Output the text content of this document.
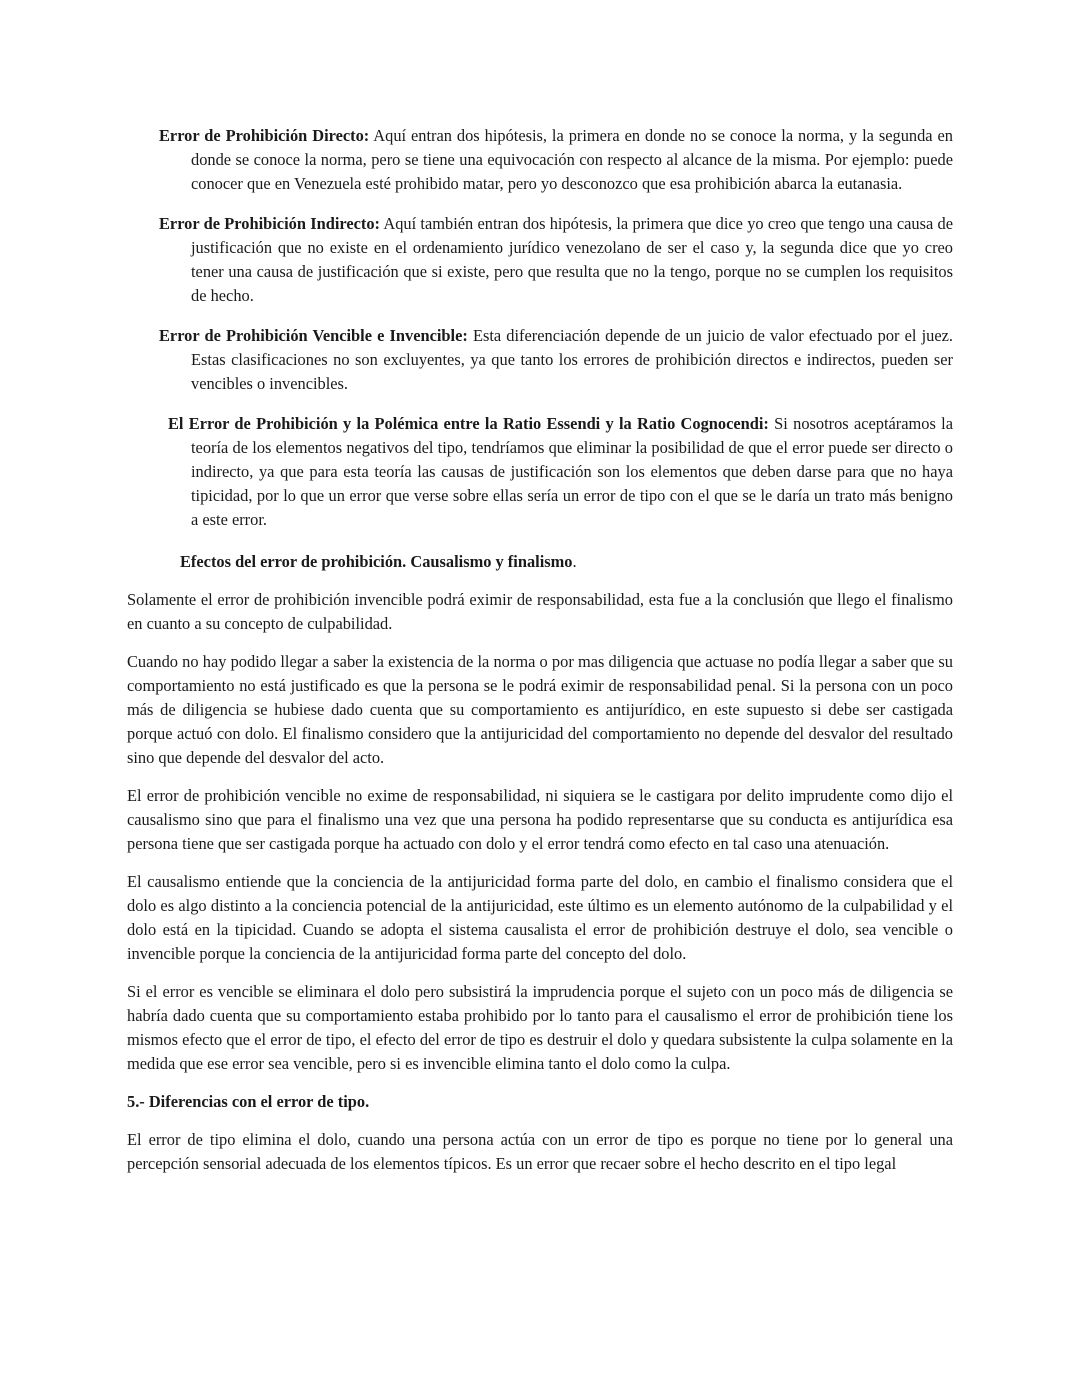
Error de Prohibición Directo: Aquí entran dos hipótesis, la primera en donde no se conoce la norma, y la segunda en donde se conoce la norma, pero se tiene una equivocación con respecto al alcance de la misma. Por ejemplo: puede conocer que en Venezuela esté prohibido matar, pero yo desconozco que esa prohibición abarca la eutanasia.

Error de Prohibición Indirecto: Aquí también entran dos hipótesis, la primera que dice yo creo que tengo una causa de justificación que no existe en el ordenamiento jurídico venezolano de ser el caso y, la segunda dice que yo creo tener una causa de justificación que si existe, pero que resulta que no la tengo, porque no se cumplen los requisitos de hecho.

Error de Prohibición Vencible e Invencible: Esta diferenciación depende de un juicio de valor efectuado por el juez. Estas clasificaciones no son excluyentes, ya que tanto los errores de prohibición directos e indirectos, pueden ser vencibles o invencibles.

El Error de Prohibición y la Polémica entre la Ratio Essendi y la Ratio Cognocendi: Si nosotros aceptáramos la teoría de los elementos negativos del tipo, tendríamos que eliminar la posibilidad de que el error puede ser directo o indirecto, ya que para esta teoría las causas de justificación son los elementos que deben darse para que no haya tipicidad, por lo que un error que verse sobre ellas sería un error de tipo con el que se le daría un trato más benigno a este error.

Efectos del error de prohibición. Causalismo y finalismo.

Solamente el error de prohibición invencible podrá eximir de responsabilidad, esta fue a la conclusión que llego el finalismo en cuanto a su concepto de culpabilidad.

Cuando no hay podido llegar a saber la existencia de la norma o por mas diligencia que actuase no podía llegar a saber que su comportamiento no está justificado es que la persona se le podrá eximir de responsabilidad penal. Si la persona con un poco más de diligencia se hubiese dado cuenta que su comportamiento es antijurídico, en este supuesto si debe ser castigada porque actuó con dolo. El finalismo considero que la antijuricidad del comportamiento no depende del desvalor del resultado sino que depende del desvalor del acto.

El error de prohibición vencible no exime de responsabilidad, ni siquiera se le castigara por delito imprudente como dijo el causalismo sino que para el finalismo una vez que una persona ha podido representarse que su conducta es antijurídica esa persona tiene que ser castigada porque ha actuado con dolo y el error tendrá como efecto en tal caso una atenuación.

El causalismo entiende que la conciencia de la antijuricidad forma parte del dolo, en cambio el finalismo considera que el dolo es algo distinto a la conciencia potencial de la antijuricidad, este último es un elemento autónomo de la culpabilidad y el dolo está en la tipicidad. Cuando se adopta el sistema causalista el error de prohibición destruye el dolo, sea vencible o invencible porque la conciencia de la antijuricidad forma parte del concepto del dolo.

Si el error es vencible se eliminara el dolo pero subsistirá la imprudencia porque el sujeto con un poco más de diligencia se habría dado cuenta que su comportamiento estaba prohibido por lo tanto para el causalismo el error de prohibición tiene los mismos efecto que el error de tipo, el efecto del error de tipo es destruir el dolo y quedara subsistente la culpa solamente en la medida que ese error sea vencible, pero si es invencible elimina tanto el dolo como la culpa.

5.- Diferencias con el error de tipo.

El error de tipo elimina el dolo, cuando una persona actúa con un error de tipo es porque no tiene por lo general una percepción sensorial adecuada de los elementos típicos. Es un error que recaer sobre el hecho descrito en el tipo legal
